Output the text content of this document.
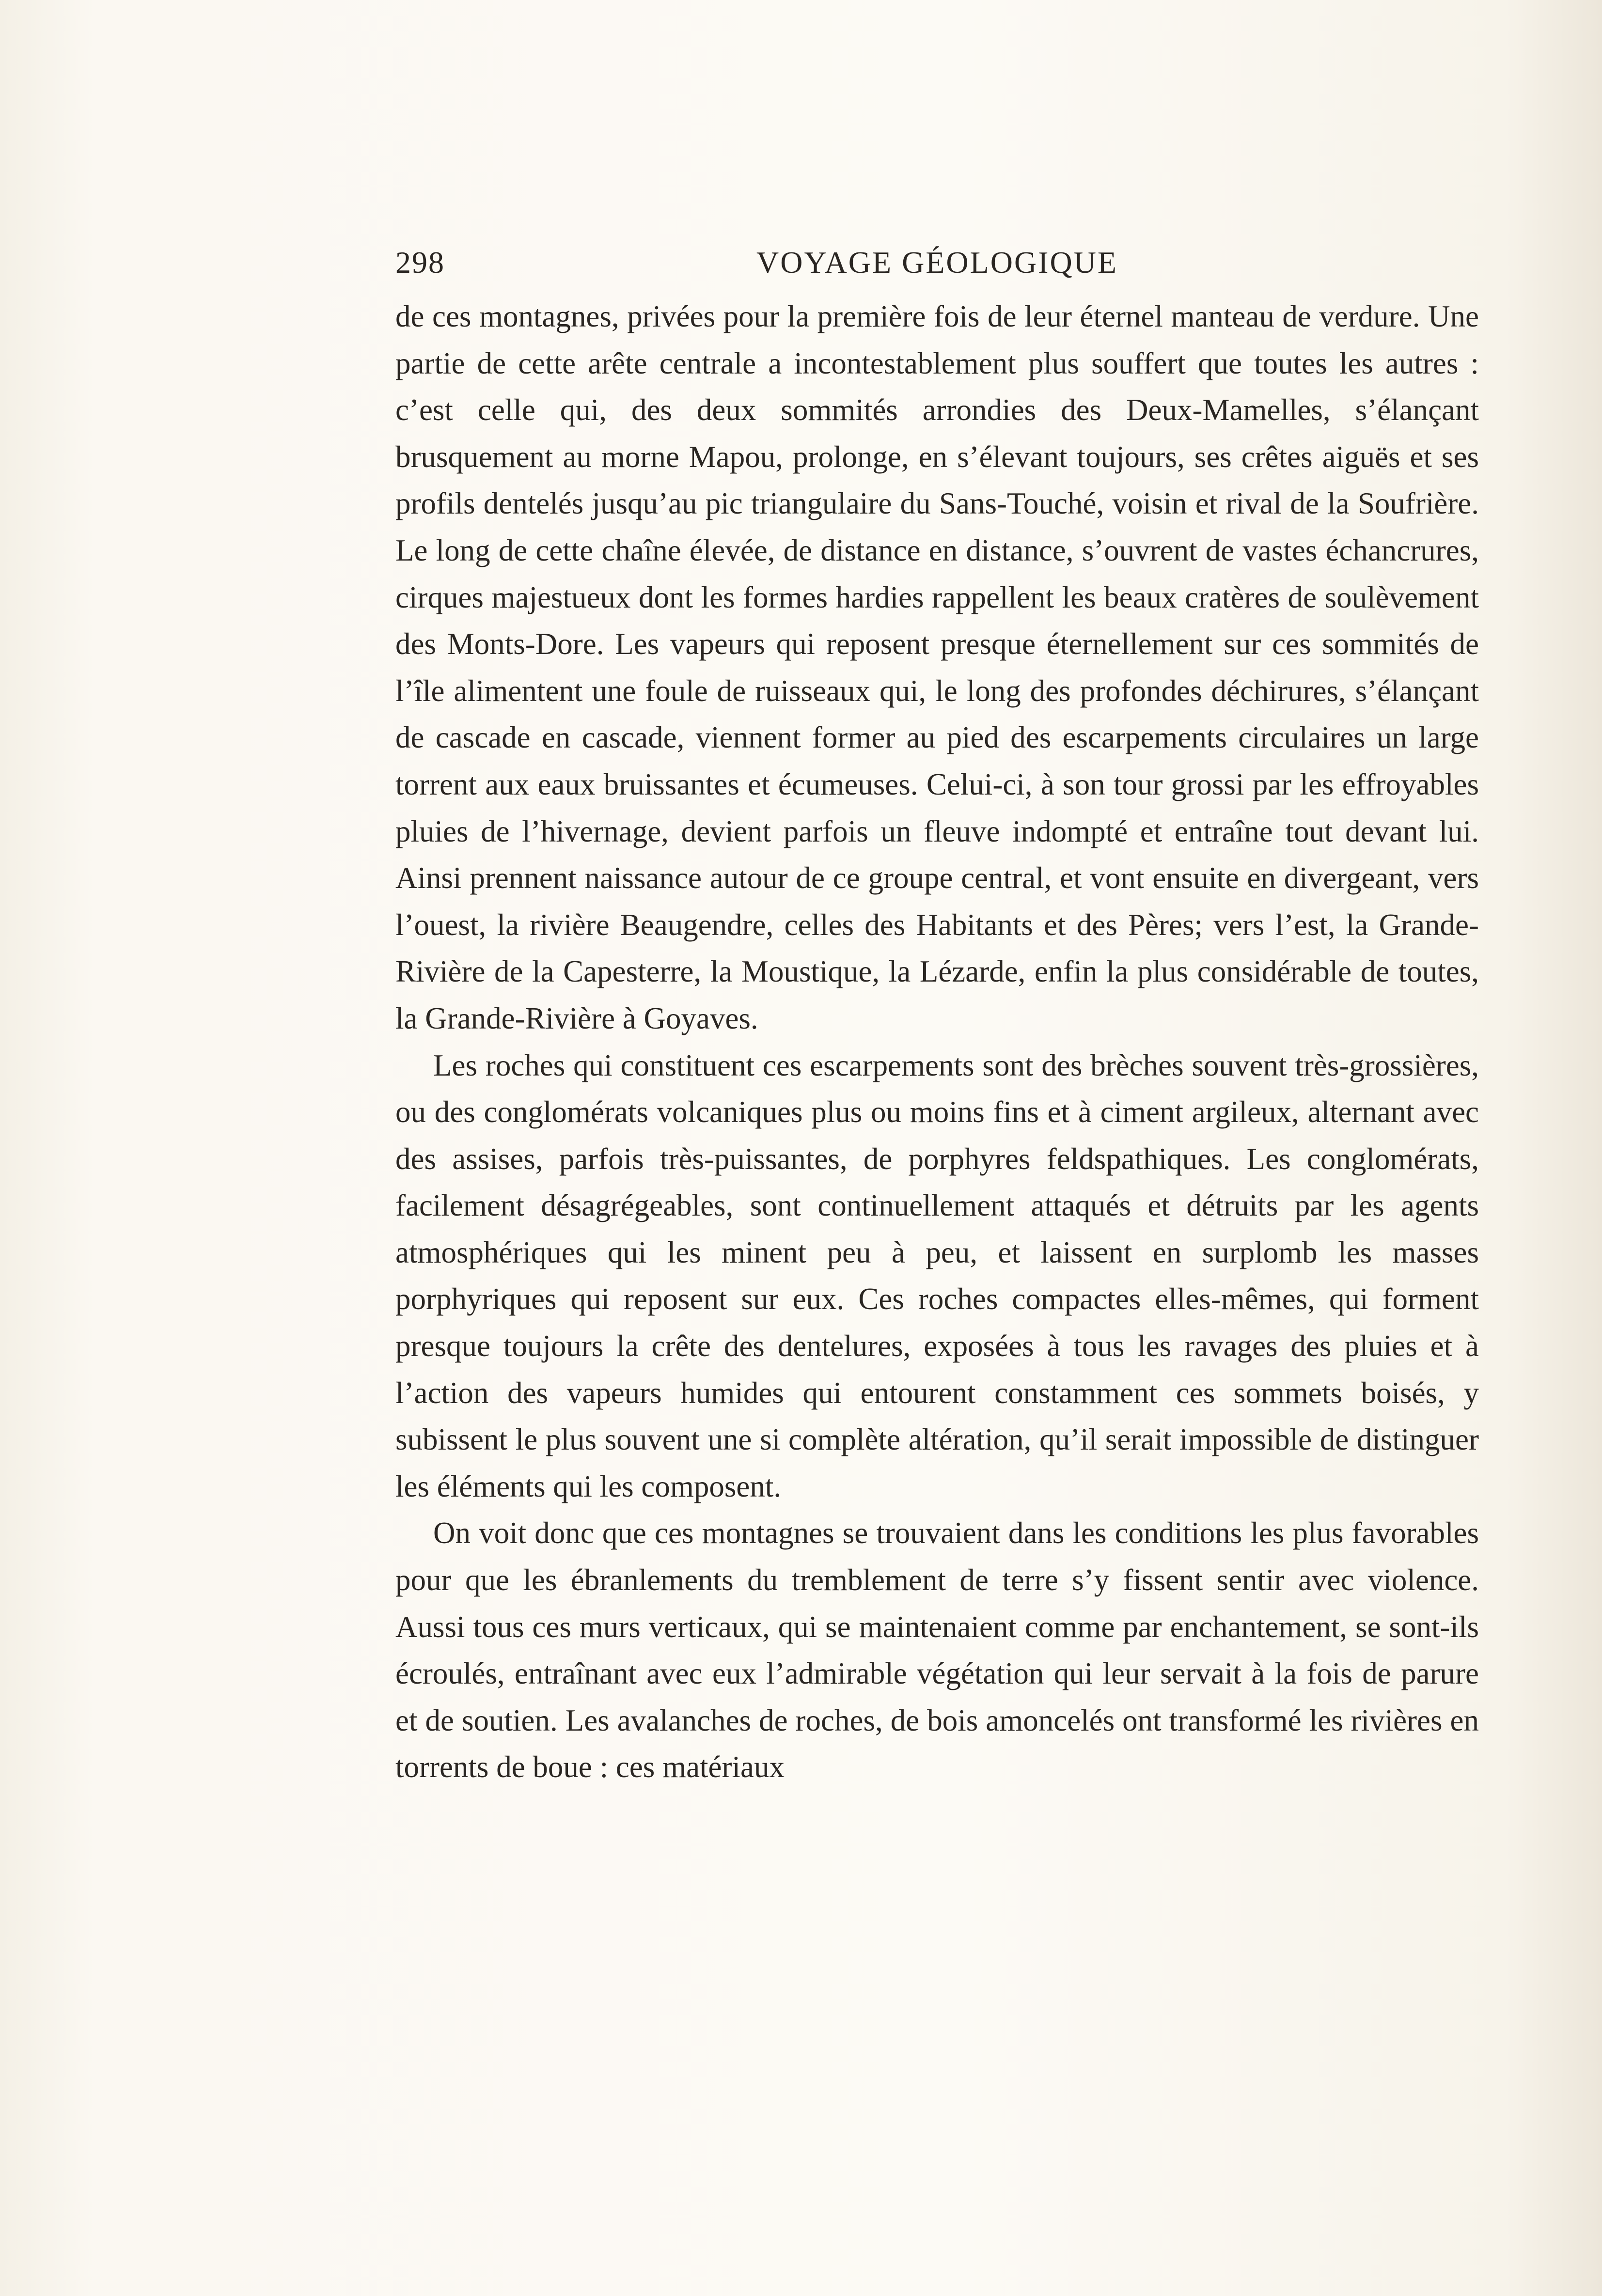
298	VOYAGE GÉOLOGIQUE

de ces montagnes, privées pour la première fois de leur éternel manteau de verdure. Une partie de cette arête centrale a incontestablement plus souffert que toutes les autres : c’est celle qui, des deux sommités arrondies des Deux-Mamelles, s’élançant brusquement au morne Mapou, prolonge, en s’élevant toujours, ses crêtes aiguës et ses profils dentelés jusqu’au pic triangulaire du Sans-Touché, voisin et rival de la Soufrière. Le long de cette chaîne élevée, de distance en distance, s’ouvrent de vastes échancrures, cirques majestueux dont les formes hardies rappellent les beaux cratères de soulèvement des Monts-Dore. Les vapeurs qui reposent presque éternellement sur ces sommités de l’île alimentent une foule de ruisseaux qui, le long des profondes déchirures, s’élançant de cascade en cascade, viennent former au pied des escarpements circulaires un large torrent aux eaux bruissantes et écumeuses. Celui-ci, à son tour grossi par les effroyables pluies de l’hivernage, devient parfois un fleuve indompté et entraîne tout devant lui. Ainsi prennent naissance autour de ce groupe central, et vont ensuite en divergeant, vers l’ouest, la rivière Beaugendre, celles des Habitants et des Pères; vers l’est, la Grande-Rivière de la Capesterre, la Moustique, la Lézarde, enfin la plus considérable de toutes, la Grande-Rivière à Goyaves.

Les roches qui constituent ces escarpements sont des brèches souvent très-grossières, ou des conglomérats volcaniques plus ou moins fins et à ciment argileux, alternant avec des assises, parfois très-puissantes, de porphyres feldspathiques. Les conglomérats, facilement désagrégeables, sont continuellement attaqués et détruits par les agents atmosphériques qui les minent peu à peu, et laissent en surplomb les masses porphyriques qui reposent sur eux. Ces roches compactes elles-mêmes, qui forment presque toujours la crête des dentelures, exposées à tous les ravages des pluies et à l’action des vapeurs humides qui entourent constamment ces sommets boisés, y subissent le plus souvent une si complète altération, qu’il serait impossible de distinguer les éléments qui les composent.

On voit donc que ces montagnes se trouvaient dans les conditions les plus favorables pour que les ébranlements du tremblement de terre s’y fissent sentir avec violence. Aussi tous ces murs verticaux, qui se maintenaient comme par enchantement, se sont-ils écroulés, entraînant avec eux l’admirable végétation qui leur servait à la fois de parure et de soutien. Les avalanches de roches, de bois amoncelés ont transformé les rivières en torrents de boue : ces matériaux
